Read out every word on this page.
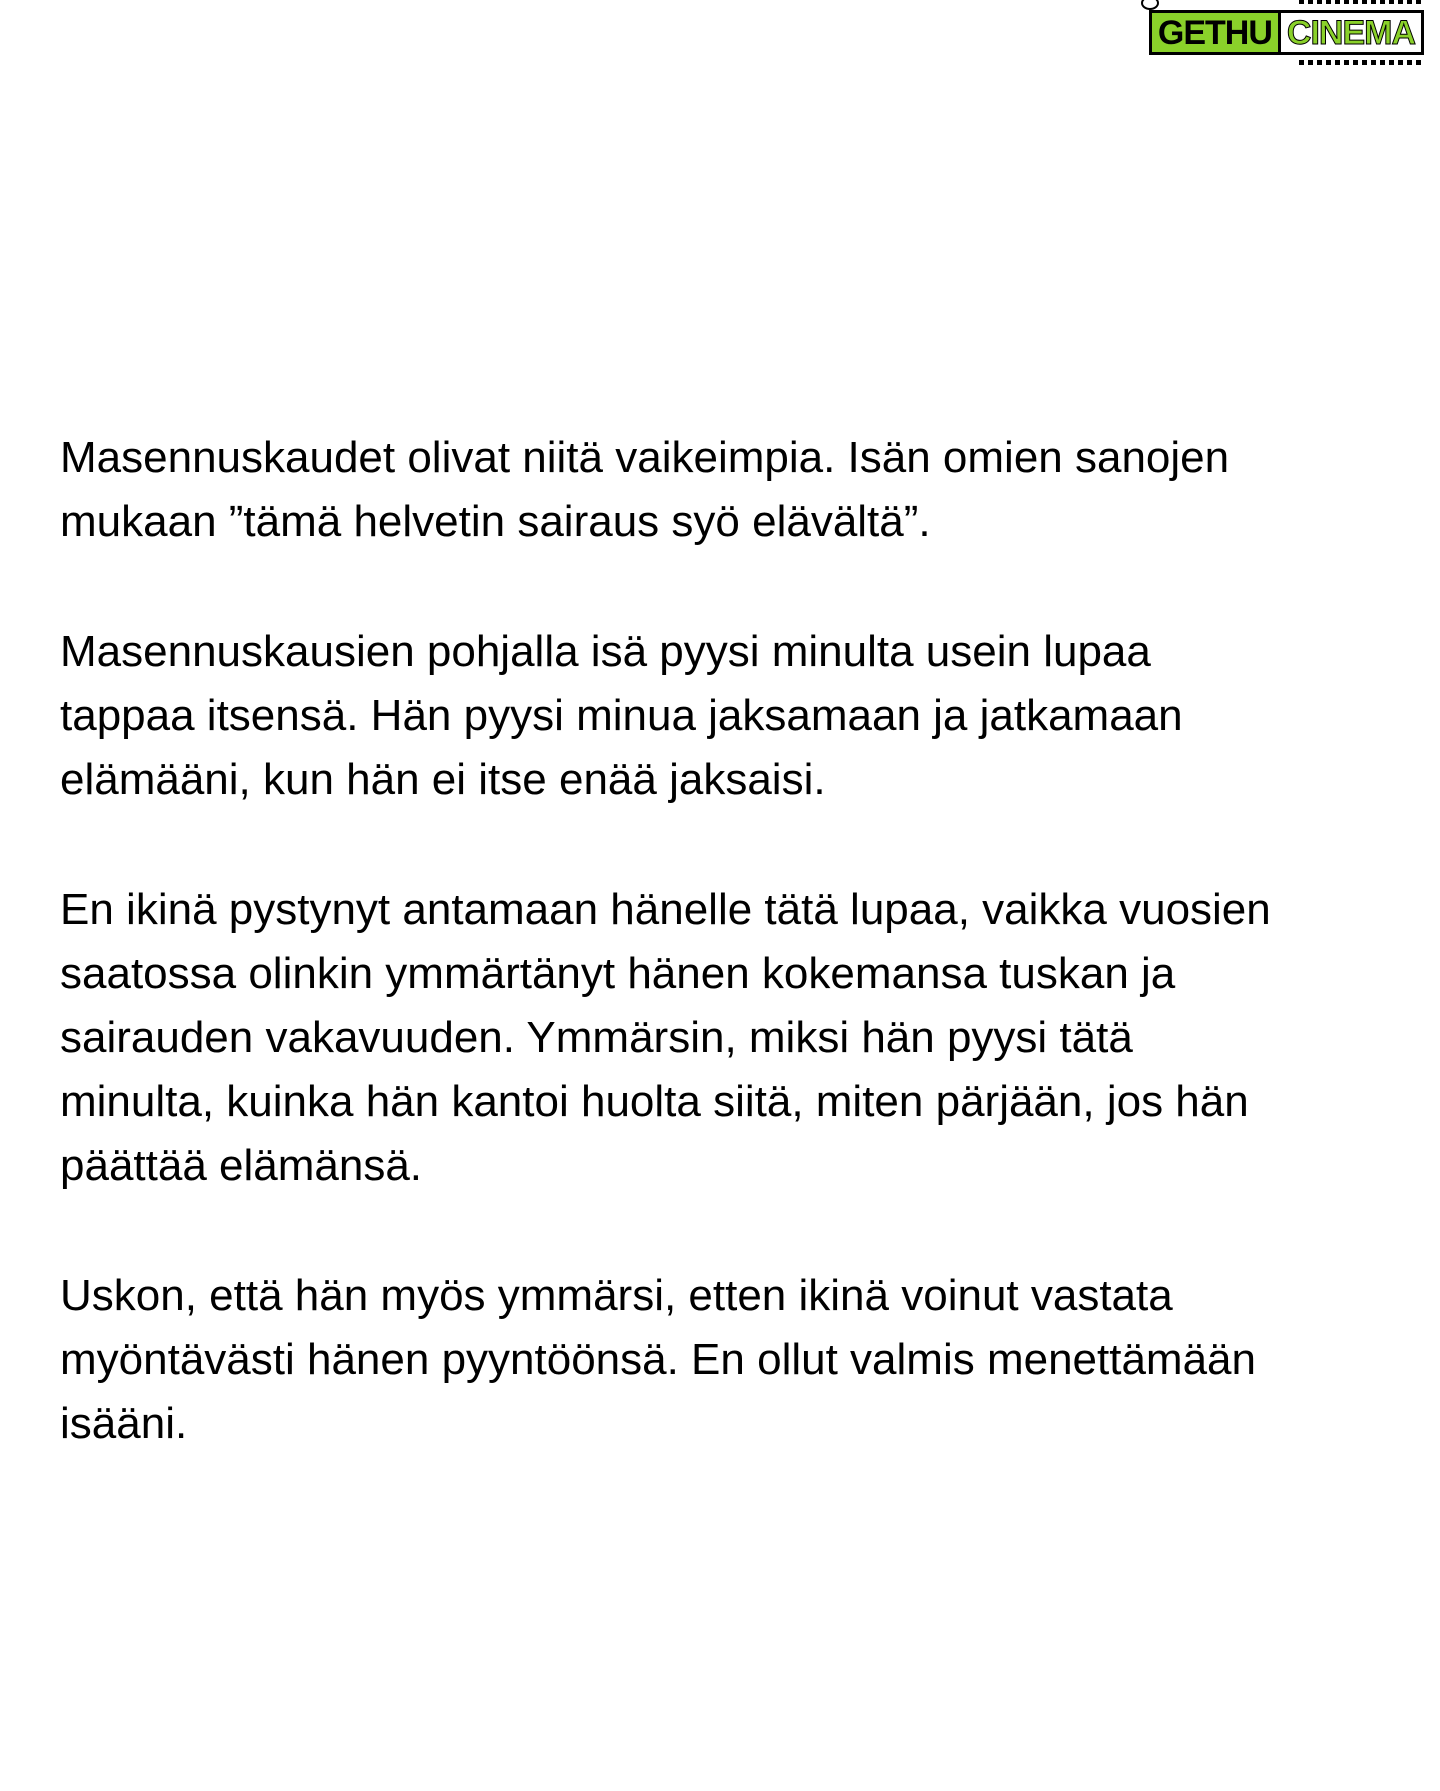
GETHU CINEMA

Masennuskaudet olivat niitä vaikeimpia. Isän omien sanojen
mukaan ”tämä helvetin sairaus syö elävältä”.

Masennuskausien pohjalla isä pyysi minulta usein lupaa
tappaa itsensä. Hän pyysi minua jaksamaan ja jatkamaan
elämääni, kun hän ei itse enää jaksaisi.

En ikinä pystynyt antamaan hänelle tätä lupaa, vaikka vuosien
saatossa olinkin ymmärtänyt hänen kokemansa tuskan ja
sairauden vakavuuden. Ymmärsin, miksi hän pyysi tätä
minulta, kuinka hän kantoi huolta siitä, miten pärjään, jos hän
päättää elämänsä.

Uskon, että hän myös ymmärsi, etten ikinä voinut vastata
myöntävästi hänen pyyntöönsä. En ollut valmis menettämään
isääni.
